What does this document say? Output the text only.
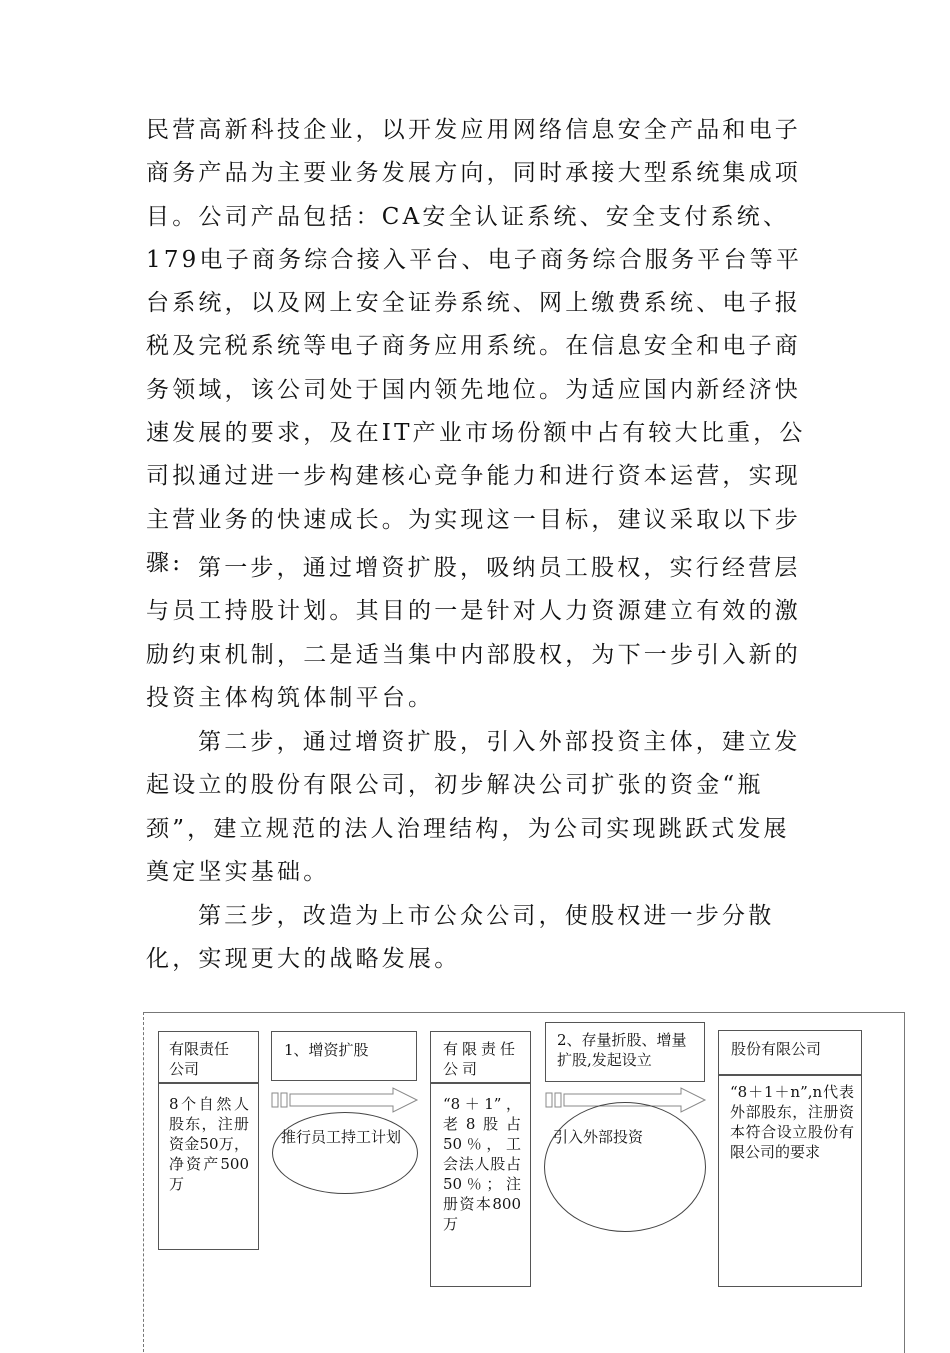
民营高新科技企业，以开发应用网络信息安全产品和电子商务产品为主要业务发展方向，同时承接大型系统集成项目。公司产品包括：CA安全认证系统、安全支付系统、179电子商务综合接入平台、电子商务综合服务平台等平台系统，以及网上安全证券系统、网上缴费系统、电子报税及完税系统等电子商务应用系统。在信息安全和电子商务领域，该公司处于国内领先地位。为适应国内新经济快速发展的要求，及在IT产业市场份额中占有较大比重，公司拟通过进一步构建核心竞争能力和进行资本运营，实现主营业务的快速成长。为实现这一目标，建议采取以下步骤: 第一步，通过增资扩股，吸纳员工股权，实行经营层与员工持股计划。其目的一是针对人力资源建立有效的激励约束机制，二是适当集中内部股权，为下一步引入新的投资主体构筑体制平台。

第二步，通过增资扩股，引入外部投资主体，建立发起设立的股份有限公司，初步解决公司扩张的资金“瓶颈”，建立规范的法人治理结构，为公司实现跳跃式发展奠定坚实基础。

第三步，改造为上市公众公司，使股权进一步分散化，实现更大的战略发展。

有限责任公司
8个自然人股东，注册资金50万，净资产500万
1、增资扩股
推行员工持工计划
有限责任公司
“8＋1”，老8股占50％，工会法人股占50％；注册资本800万
2、存量折股、增量扩股,发起设立
引入外部投资
股份有限公司
“8＋1＋n”,n代表外部股东，注册资本符合设立股份有限公司的要求
